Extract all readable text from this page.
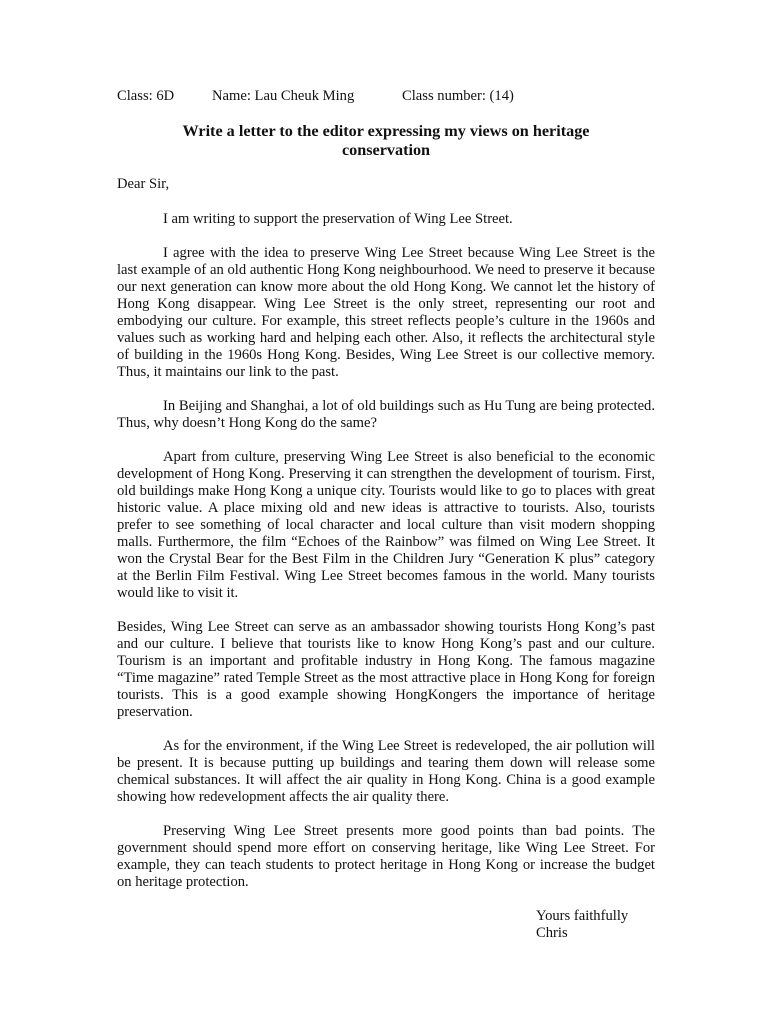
Class: 6D	Name: Lau Cheuk Ming	Class number: (14)
Write a letter to the editor expressing my views on heritage conservation
Dear Sir,

I am writing to support the preservation of Wing Lee Street.

I agree with the idea to preserve Wing Lee Street because Wing Lee Street is the last example of an old authentic Hong Kong neighbourhood. We need to preserve it because our next generation can know more about the old Hong Kong. We cannot let the history of Hong Kong disappear. Wing Lee Street is the only street, representing our root and embodying our culture. For example, this street reflects people’s culture in the 1960s and values such as working hard and helping each other. Also, it reflects the architectural style of building in the 1960s Hong Kong. Besides, Wing Lee Street is our collective memory. Thus, it maintains our link to the past.

In Beijing and Shanghai, a lot of old buildings such as Hu Tung are being protected. Thus, why doesn’t Hong Kong do the same?

Apart from culture, preserving Wing Lee Street is also beneficial to the economic development of Hong Kong. Preserving it can strengthen the development of tourism. First, old buildings make Hong Kong a unique city. Tourists would like to go to places with great historic value. A place mixing old and new ideas is attractive to tourists. Also, tourists prefer to see something of local character and local culture than visit modern shopping malls. Furthermore, the film “Echoes of the Rainbow” was filmed on Wing Lee Street. It won the Crystal Bear for the Best Film in the Children Jury “Generation K plus” category at the Berlin Film Festival. Wing Lee Street becomes famous in the world. Many tourists would like to visit it.

Besides, Wing Lee Street can serve as an ambassador showing tourists Hong Kong’s past and our culture. I believe that tourists like to know Hong Kong’s past and our culture. Tourism is an important and profitable industry in Hong Kong. The famous magazine “Time magazine” rated Temple Street as the most attractive place in Hong Kong for foreign tourists. This is a good example showing HongKongers the importance of heritage preservation.

As for the environment, if the Wing Lee Street is redeveloped, the air pollution will be present. It is because putting up buildings and tearing them down will release some chemical substances. It will affect the air quality in Hong Kong. China is a good example showing how redevelopment affects the air quality there.

Preserving Wing Lee Street presents more good points than bad points. The government should spend more effort on conserving heritage, like Wing Lee Street. For example, they can teach students to protect heritage in Hong Kong or increase the budget on heritage protection.

Yours faithfully
Chris
